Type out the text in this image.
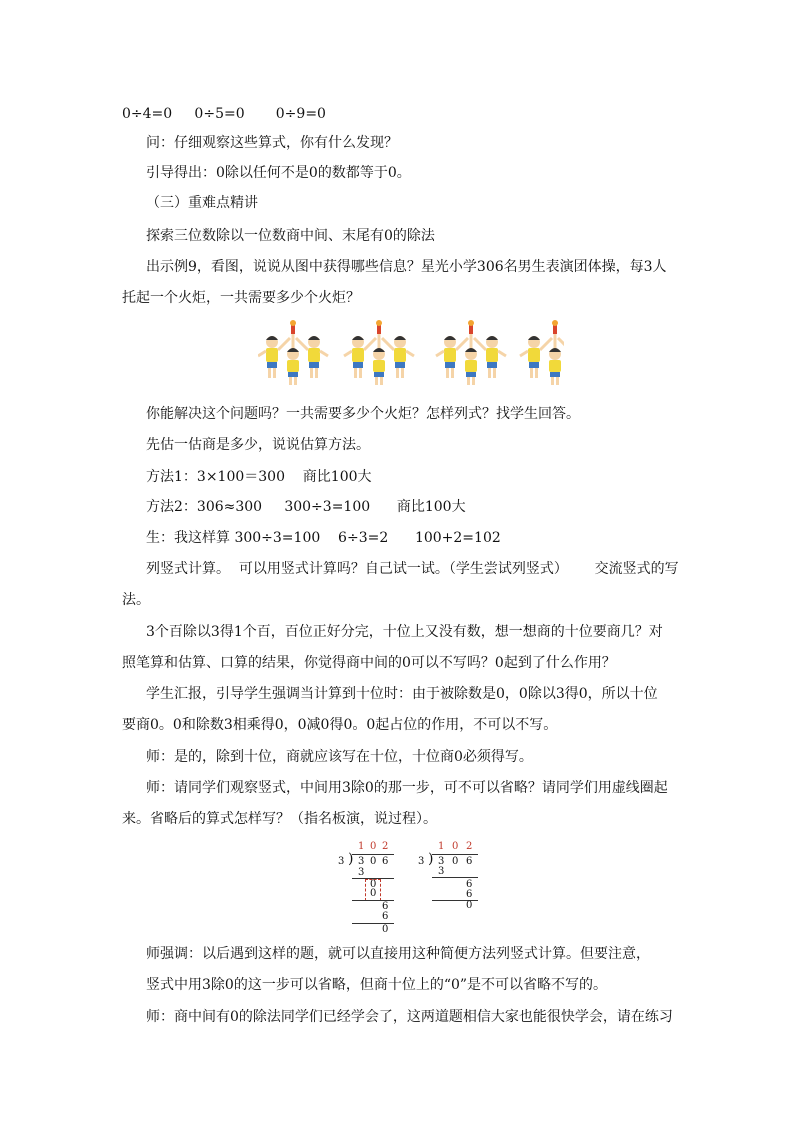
0÷4=0     0÷5=0       0÷9=0
问：仔细观察这些算式，你有什么发现？
引导得出：0除以任何不是0的数都等于0。
（三）重难点精讲
探索三位数除以一位数商中间、末尾有0的除法
出示例9，看图，说说从图中获得哪些信息？星光小学306名男生表演团体操，每3人
托起一个火炬，一共需要多少个火炬？
你能解决这个问题吗？一共需要多少个火炬？怎样列式？找学生回答。
先估一估商是多少，说说估算方法。
方法1：3×100＝300    商比100大
方法2：306≈300     300÷3=100      商比100大
生：我这样算 300÷3=100    6÷3=2      100+2=102
列竖式计算。  可以用竖式计算吗？自己试一试。（学生尝试列竖式）      交流竖式的写
法。
3个百除以3得1个百，百位正好分完，十位上又没有数，想一想商的十位要商几？对
照笔算和估算、口算的结果，你觉得商中间的0可以不写吗？0起到了什么作用？
学生汇报，引导学生强调当计算到十位时：由于被除数是0，0除以3得0，所以十位
要商0。0和除数3相乘得0，0减0得0。0起占位的作用，不可以不写。
师：是的，除到十位，商就应该写在十位，十位商0必须得写。
师：请同学们观察竖式，中间用3除0的那一步，可不可以省略？请同学们用虚线圈起
来。省略后的算式怎样写？（指名板演，说过程）。
1 0 2
3 ) 3 0 6
3
0
0
6
6
0
1 0 2
3 ) 3 0 6
3
6
6
0
师强调：以后遇到这样的题，就可以直接用这种简便方法列竖式计算。但要注意，
竖式中用3除0的这一步可以省略，但商十位上的“0”是不可以省略不写的。
师：商中间有0的除法同学们已经学会了，这两道题相信大家也能很快学会，请在练习
